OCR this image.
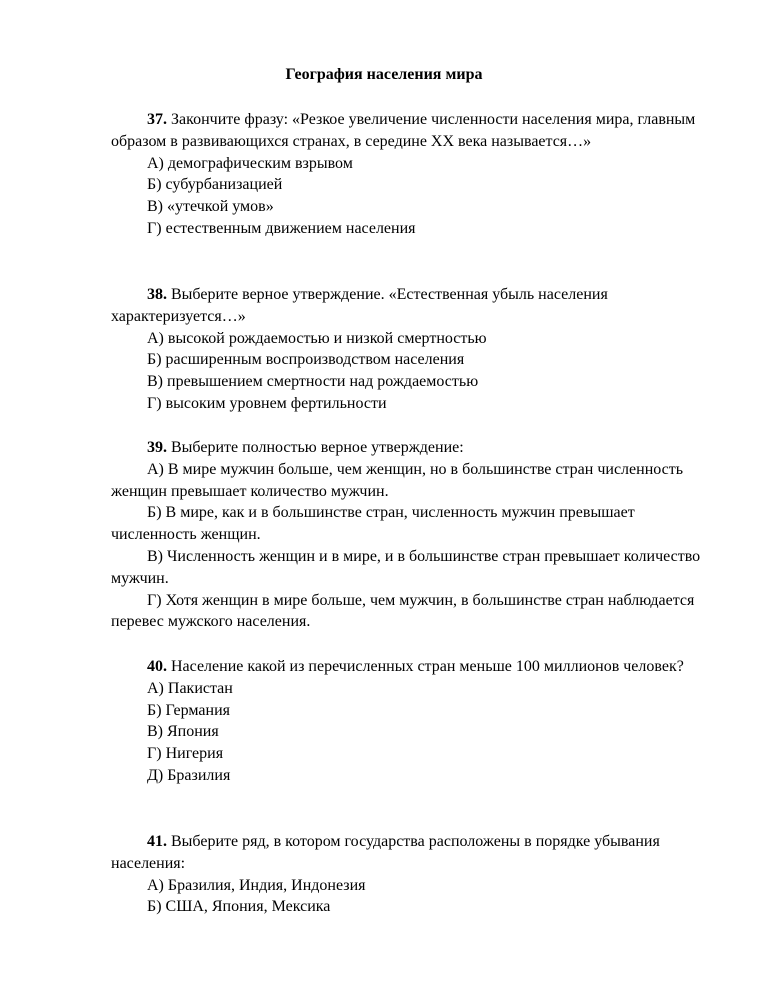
География населения мира

37. Закончите фразу: «Резкое увеличение численности населения мира, главным образом в развивающихся странах, в середине XX века называется…»

А) демографическим взрывом

Б) субурбанизацией

В) «утечкой умов»

Г) естественным движением населения

38. Выберите верное утверждение. «Естественная убыль населения характеризуется…»

А) высокой рождаемостью и низкой смертностью

Б) расширенным воспроизводством населения

В) превышением смертности над рождаемостью

Г) высоким уровнем фертильности

39. Выберите полностью верное утверждение:

А) В мире мужчин больше, чем женщин, но в большинстве стран численность женщин превышает количество мужчин.

Б) В мире, как и в большинстве стран, численность мужчин превышает численность женщин.

В) Численность женщин и в мире, и в большинстве стран превышает количество мужчин.

Г) Хотя женщин в мире больше, чем мужчин, в большинстве стран наблюдается перевес мужского населения.

40. Население какой из перечисленных стран меньше 100 миллионов человек?

А) Пакистан

Б) Германия

В) Япония

Г) Нигерия

Д) Бразилия

41. Выберите ряд, в котором государства расположены в порядке убывания населения:

А) Бразилия, Индия, Индонезия

Б) США, Япония, Мексика
